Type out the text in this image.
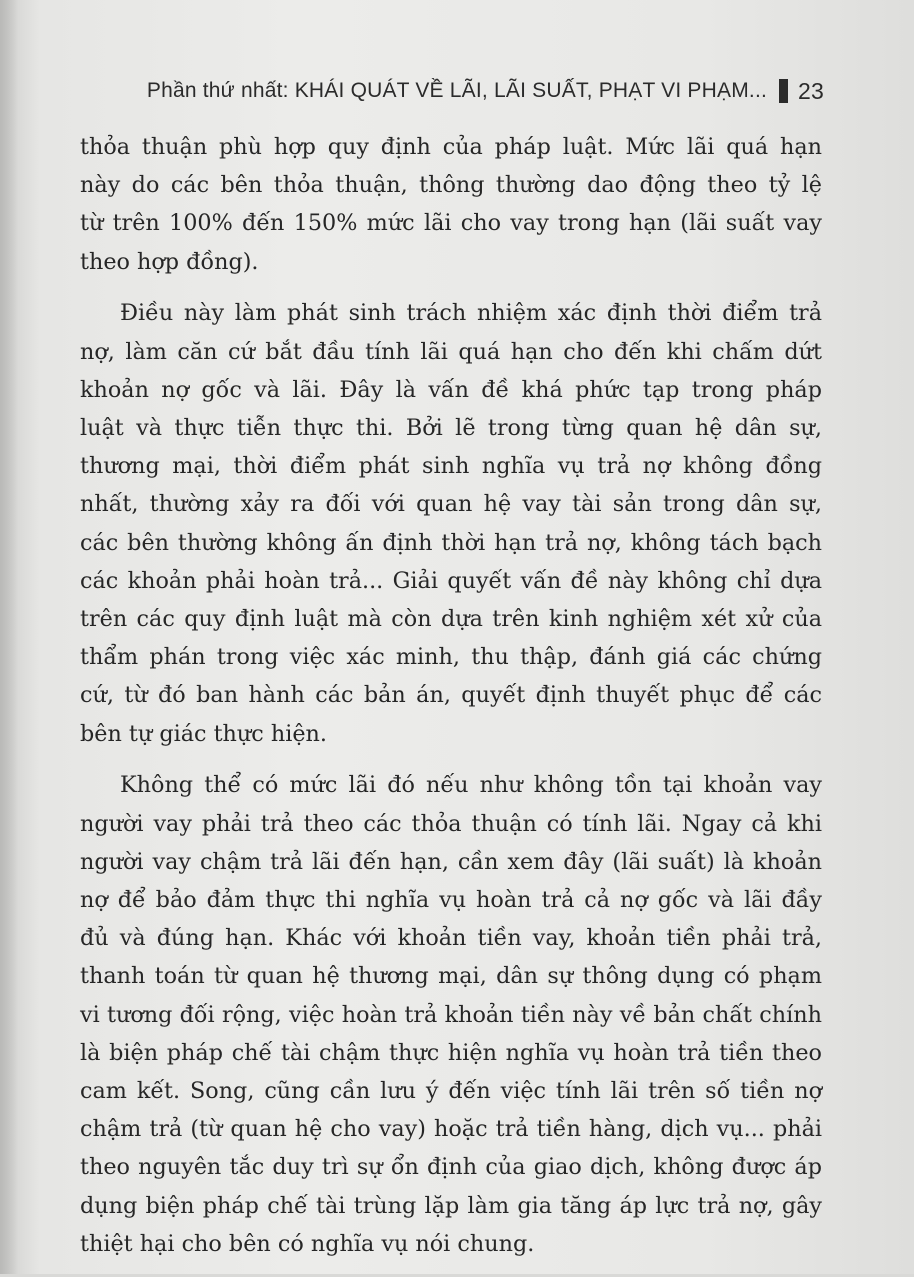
Phần thứ nhất: KHÁI QUÁT VỀ LÃI, LÃI SUẤT, PHẠT VI PHẠM... 23
thỏa thuận phù hợp quy định của pháp luật. Mức lãi quá hạn
này do các bên thỏa thuận, thông thường dao động theo tỷ lệ
từ trên 100% đến 150% mức lãi cho vay trong hạn (lãi suất vay
theo hợp đồng).
Điều này làm phát sinh trách nhiệm xác định thời điểm trả
nợ, làm căn cứ bắt đầu tính lãi quá hạn cho đến khi chấm dứt
khoản nợ gốc và lãi. Đây là vấn đề khá phức tạp trong pháp
luật và thực tiễn thực thi. Bởi lẽ trong từng quan hệ dân sự,
thương mại, thời điểm phát sinh nghĩa vụ trả nợ không đồng
nhất, thường xảy ra đối với quan hệ vay tài sản trong dân sự,
các bên thường không ấn định thời hạn trả nợ, không tách bạch
các khoản phải hoàn trả... Giải quyết vấn đề này không chỉ dựa
trên các quy định luật mà còn dựa trên kinh nghiệm xét xử của
thẩm phán trong việc xác minh, thu thập, đánh giá các chứng
cứ, từ đó ban hành các bản án, quyết định thuyết phục để các
bên tự giác thực hiện.
Không thể có mức lãi đó nếu như không tồn tại khoản vay
người vay phải trả theo các thỏa thuận có tính lãi. Ngay cả khi
người vay chậm trả lãi đến hạn, cần xem đây (lãi suất) là khoản
nợ để bảo đảm thực thi nghĩa vụ hoàn trả cả nợ gốc và lãi đầy
đủ và đúng hạn. Khác với khoản tiền vay, khoản tiền phải trả,
thanh toán từ quan hệ thương mại, dân sự thông dụng có phạm
vi tương đối rộng, việc hoàn trả khoản tiền này về bản chất chính
là biện pháp chế tài chậm thực hiện nghĩa vụ hoàn trả tiền theo
cam kết. Song, cũng cần lưu ý đến việc tính lãi trên số tiền nợ
chậm trả (từ quan hệ cho vay) hoặc trả tiền hàng, dịch vụ... phải
theo nguyên tắc duy trì sự ổn định của giao dịch, không được áp
dụng biện pháp chế tài trùng lặp làm gia tăng áp lực trả nợ, gây
thiệt hại cho bên có nghĩa vụ nói chung.
